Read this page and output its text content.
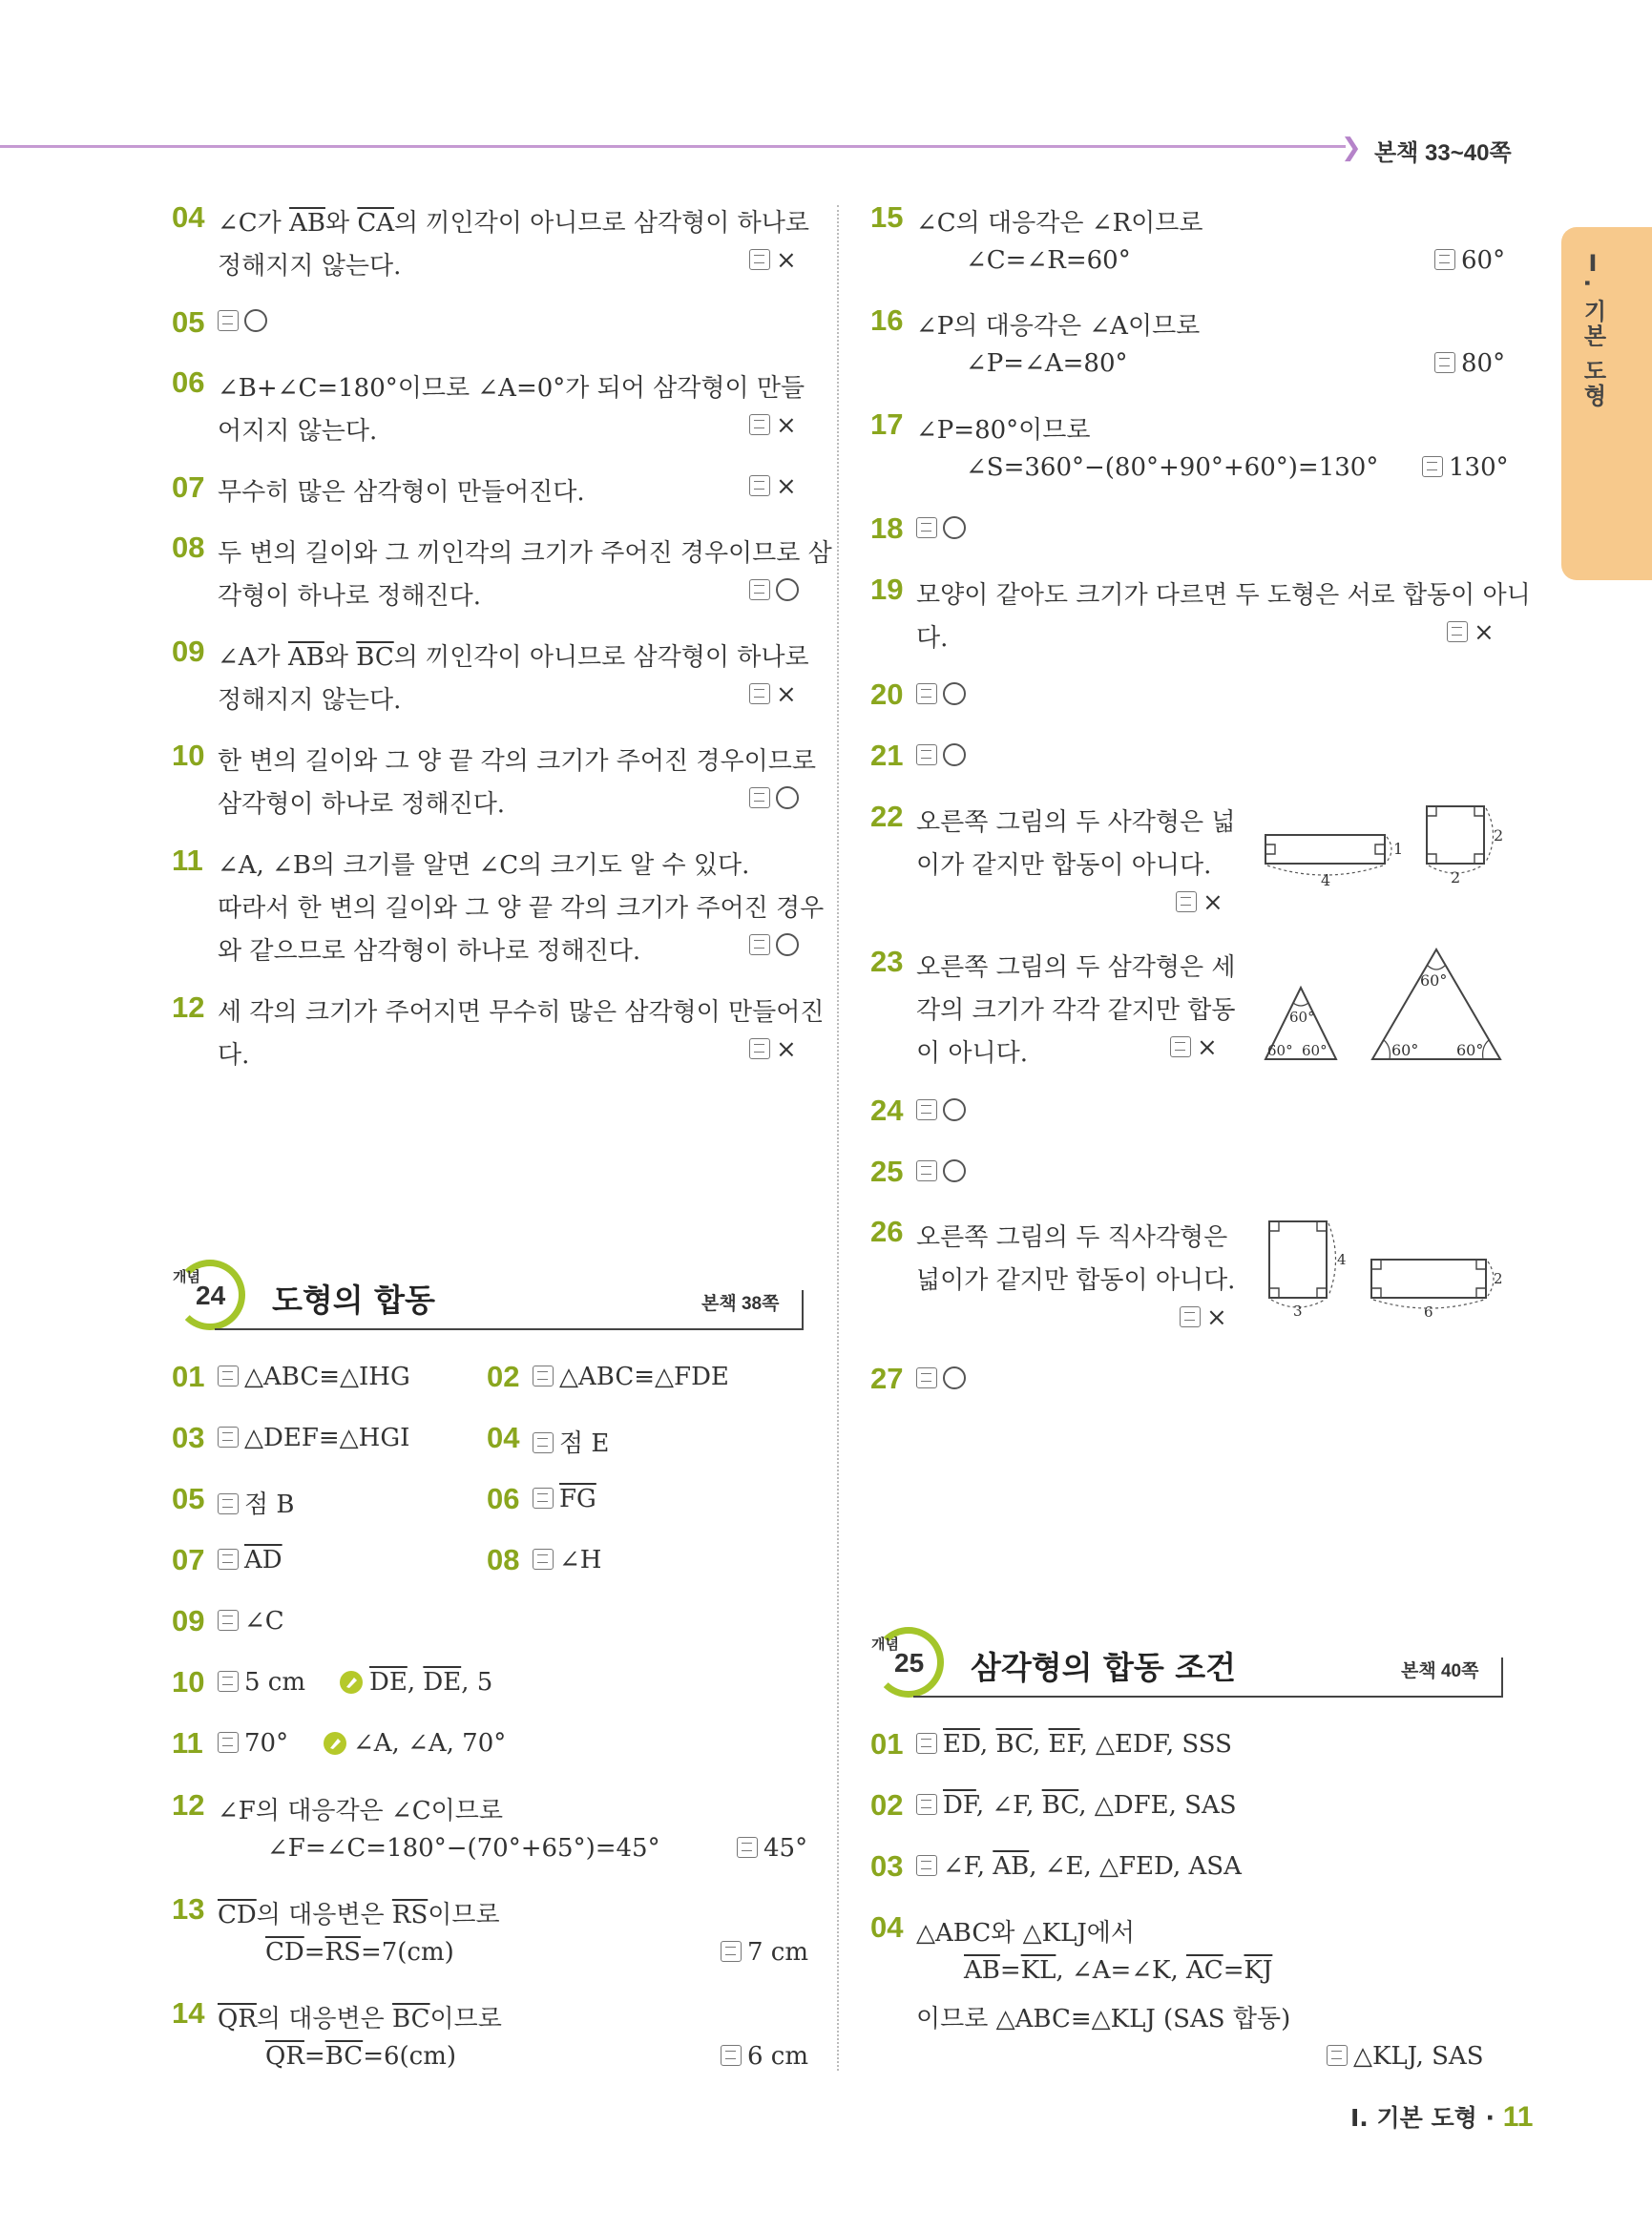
❯ 본책 33~40쪽
Ⅰ. 기본 도형
04 ∠C가 $\overline{AB}$와 $\overline{CA}$의 끼인각이 아니므로 삼각형이 하나로
정해지지 않는다.	×
05
06 ∠B+∠C=180°이므로 ∠A=0°가 되어 삼각형이 만들
어지지 않는다.	×
07 무수히 많은 삼각형이 만들어진다.	×
08 두 변의 길이와 그 끼인각의 크기가 주어진 경우이므로 삼
각형이 하나로 정해진다.
09 ∠A가 $\overline{AB}$와 $\overline{BC}$의 끼인각이 아니므로 삼각형이 하나로
정해지지 않는다.	×
10 한 변의 길이와 그 양 끝 각의 크기가 주어진 경우이므로
삼각형이 하나로 정해진다.
11 ∠A, ∠B의 크기를 알면 ∠C의 크기도 알 수 있다.
따라서 한 변의 길이와 그 양 끝 각의 크기가 주어진 경우
와 같으므로 삼각형이 하나로 정해진다.
12 세 각의 크기가 주어지면 무수히 많은 삼각형이 만들어진
다.	×
개념
24 도형의 합동	본책 38쪽
01	△ABC≡△IHG	02	△ABC≡△FDE
03	△DEF≡△HGI	04	점 E
05	점 B	06	$\overline{FG}$
07	$\overline{AD}$	08	∠H
09	∠C
10	5 cm	$\overline{DE}$, $\overline{DE}$, 5
11	70°	∠A, ∠A, 70°
12 ∠F의 대응각은 ∠C이므로
∠F=∠C=180°−(70°+65°)=45°	45°
13 $\overline{CD}$의 대응변은 $\overline{RS}$이므로
$\overline{CD}=\overline{RS}=7(cm)$	7 cm
14 $\overline{QR}$의 대응변은 $\overline{BC}$이므로
$\overline{QR}=\overline{BC}=6(cm)$	6 cm
15 ∠C의 대응각은 ∠R이므로
∠C=∠R=60°	60°
16 ∠P의 대응각은 ∠A이므로
∠P=∠A=80°	80°
17 ∠P=80°이므로
∠S=360°−(80°+90°+60°)=130°	130°
18
19 모양이 같아도 크기가 다르면 두 도형은 서로 합동이 아니
다.	×
20
21
22 오른쪽 그림의 두 사각형은 넓
이가 같지만 합동이 아니다.
×
4
1
2
2
23 오른쪽 그림의 두 삼각형은 세
각의 크기가 각각 같지만 합동
이 아니다.	×
60°
60° 60°
60°
60° 60°
24
25
26 오른쪽 그림의 두 직사각형은
넓이가 같지만 합동이 아니다.
×	3
4
6
2
27
개념
25 삼각형의 합동 조건	본책 40쪽
01	$\overline{ED}$, $\overline{BC}$, $\overline{EF}$, △EDF, SSS
02	$\overline{DF}$, ∠F, $\overline{BC}$, △DFE, SAS
03	∠F, $\overline{AB}$, ∠E, △FED, ASA
04 △ABC와 △KLJ에서
$\overline{AB}=\overline{KL}$, ∠A=∠K, $\overline{AC}=\overline{KJ}$
이므로 △ABC≡△KLJ (SAS 합동)
△KLJ, SAS
Ⅰ. 기본 도형 · 11
